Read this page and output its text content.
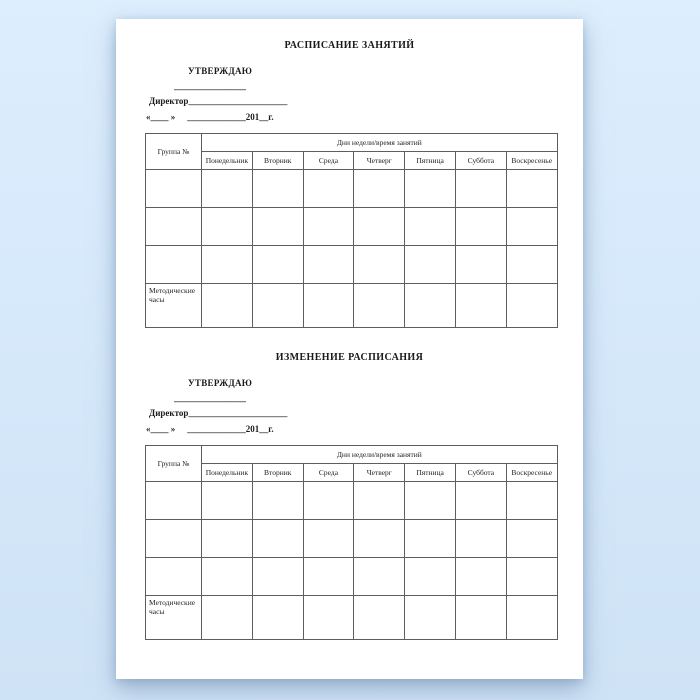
РАСПИСАНИЕ ЗАНЯТИЙ
УТВЕРЖДАЮ
________________
Директор______________________
«____ » _____________201__г.
Группа №	Дни недели/время занятий						
	Понедельник	Вторник	Среда	Четверг	Пятница	Суббота	Воскресенье

Методические часы							
ИЗМЕНЕНИЕ РАСПИСАНИЯ
УТВЕРЖДАЮ
________________
Директор______________________
«____ » _____________201__г.
Группа №	Дни недели/время занятий						
	Понедельник	Вторник	Среда	Четверг	Пятница	Суббота	Воскресенье

Методические часы							
